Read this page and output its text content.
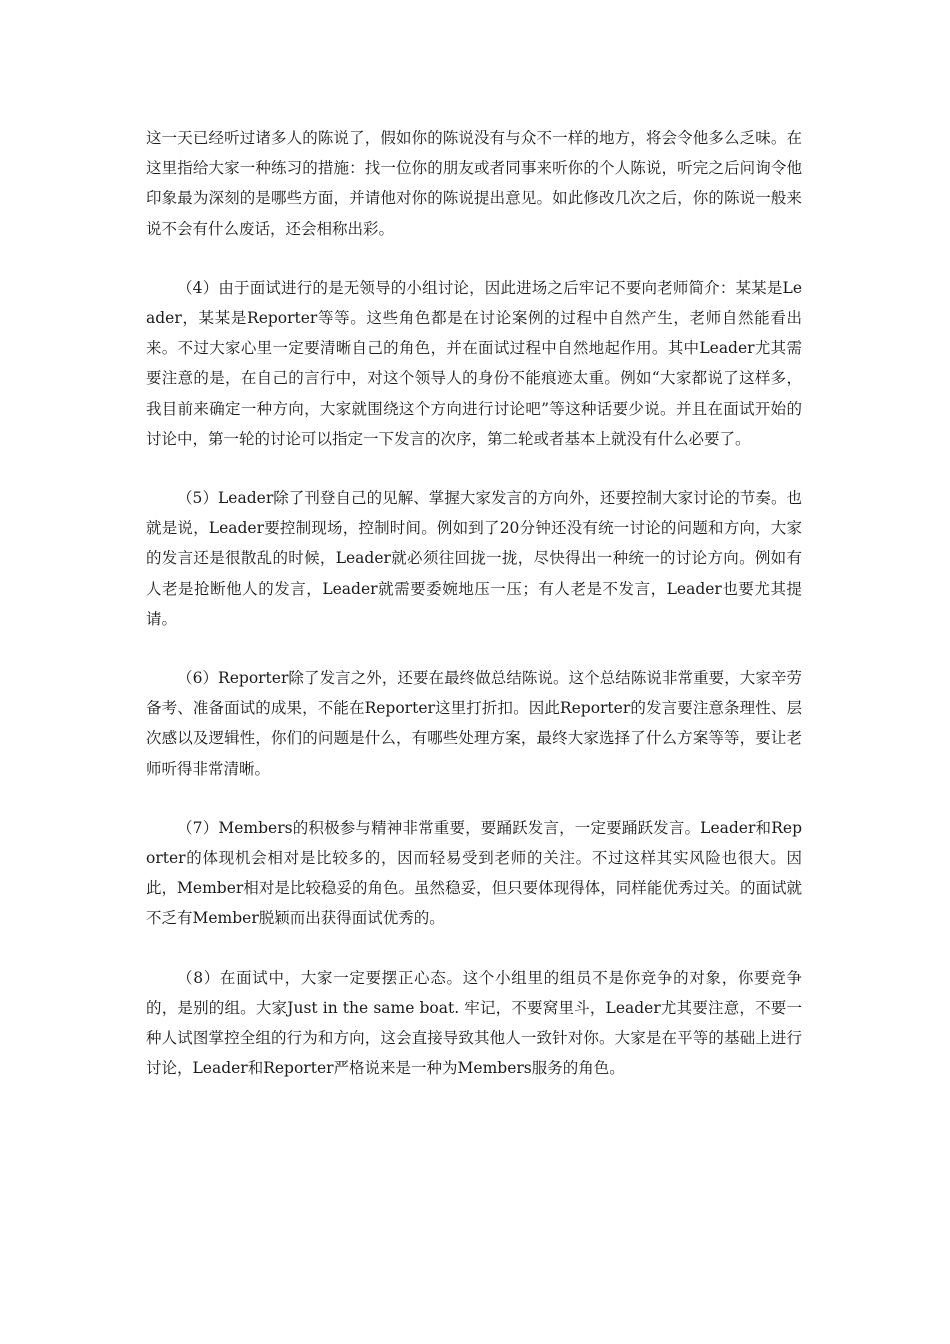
这一天已经听过诸多人的陈说了，假如你的陈说没有与众不一样的地方，将会令他多么乏味。在这里指给大家一种练习的措施：找一位你的朋友或者同事来听你的个人陈说，听完之后问询令他印象最为深刻的是哪些方面，并请他对你的陈说提出意见。如此修改几次之后，你的陈说一般来说不会有什么废话，还会相称出彩。

（4）由于面试进行的是无领导的小组讨论，因此进场之后牢记不要向老师简介：某某是Leader，某某是Reporter等等。这些角色都是在讨论案例的过程中自然产生，老师自然能看出来。不过大家心里一定要清晰自己的角色，并在面试过程中自然地起作用。其中Leader尤其需要注意的是，在自己的言行中，对这个领导人的身份不能痕迹太重。例如“大家都说了这样多，我目前来确定一种方向，大家就围绕这个方向进行讨论吧”等这种话要少说。并且在面试开始的讨论中，第一轮的讨论可以指定一下发言的次序，第二轮或者基本上就没有什么必要了。

（5）Leader除了刊登自己的见解、掌握大家发言的方向外，还要控制大家讨论的节奏。也就是说，Leader要控制现场，控制时间。例如到了20分钟还没有统一讨论的问题和方向，大家的发言还是很散乱的时候，Leader就必须往回拢一拢，尽快得出一种统一的讨论方向。例如有人老是抢断他人的发言，Leader就需要委婉地压一压；有人老是不发言，Leader也要尤其提请。

（6）Reporter除了发言之外，还要在最终做总结陈说。这个总结陈说非常重要，大家辛劳备考、准备面试的成果，不能在Reporter这里打折扣。因此Reporter的发言要注意条理性、层次感以及逻辑性，你们的问题是什么，有哪些处理方案，最终大家选择了什么方案等等，要让老师听得非常清晰。

（7）Members的积极参与精神非常重要，要踊跃发言，一定要踊跃发言。Leader和Reporter的体现机会相对是比较多的，因而轻易受到老师的关注。不过这样其实风险也很大。因此，Member相对是比较稳妥的角色。虽然稳妥，但只要体现得体，同样能优秀过关。的面试就不乏有Member脱颖而出获得面试优秀的。

（8）在面试中，大家一定要摆正心态。这个小组里的组员不是你竞争的对象，你要竞争的，是别的组。大家Just in the same boat. 牢记，不要窝里斗，Leader尤其要注意，不要一种人试图掌控全组的行为和方向，这会直接导致其他人一致针对你。大家是在平等的基础上进行讨论，Leader和Reporter严格说来是一种为Members服务的角色。
